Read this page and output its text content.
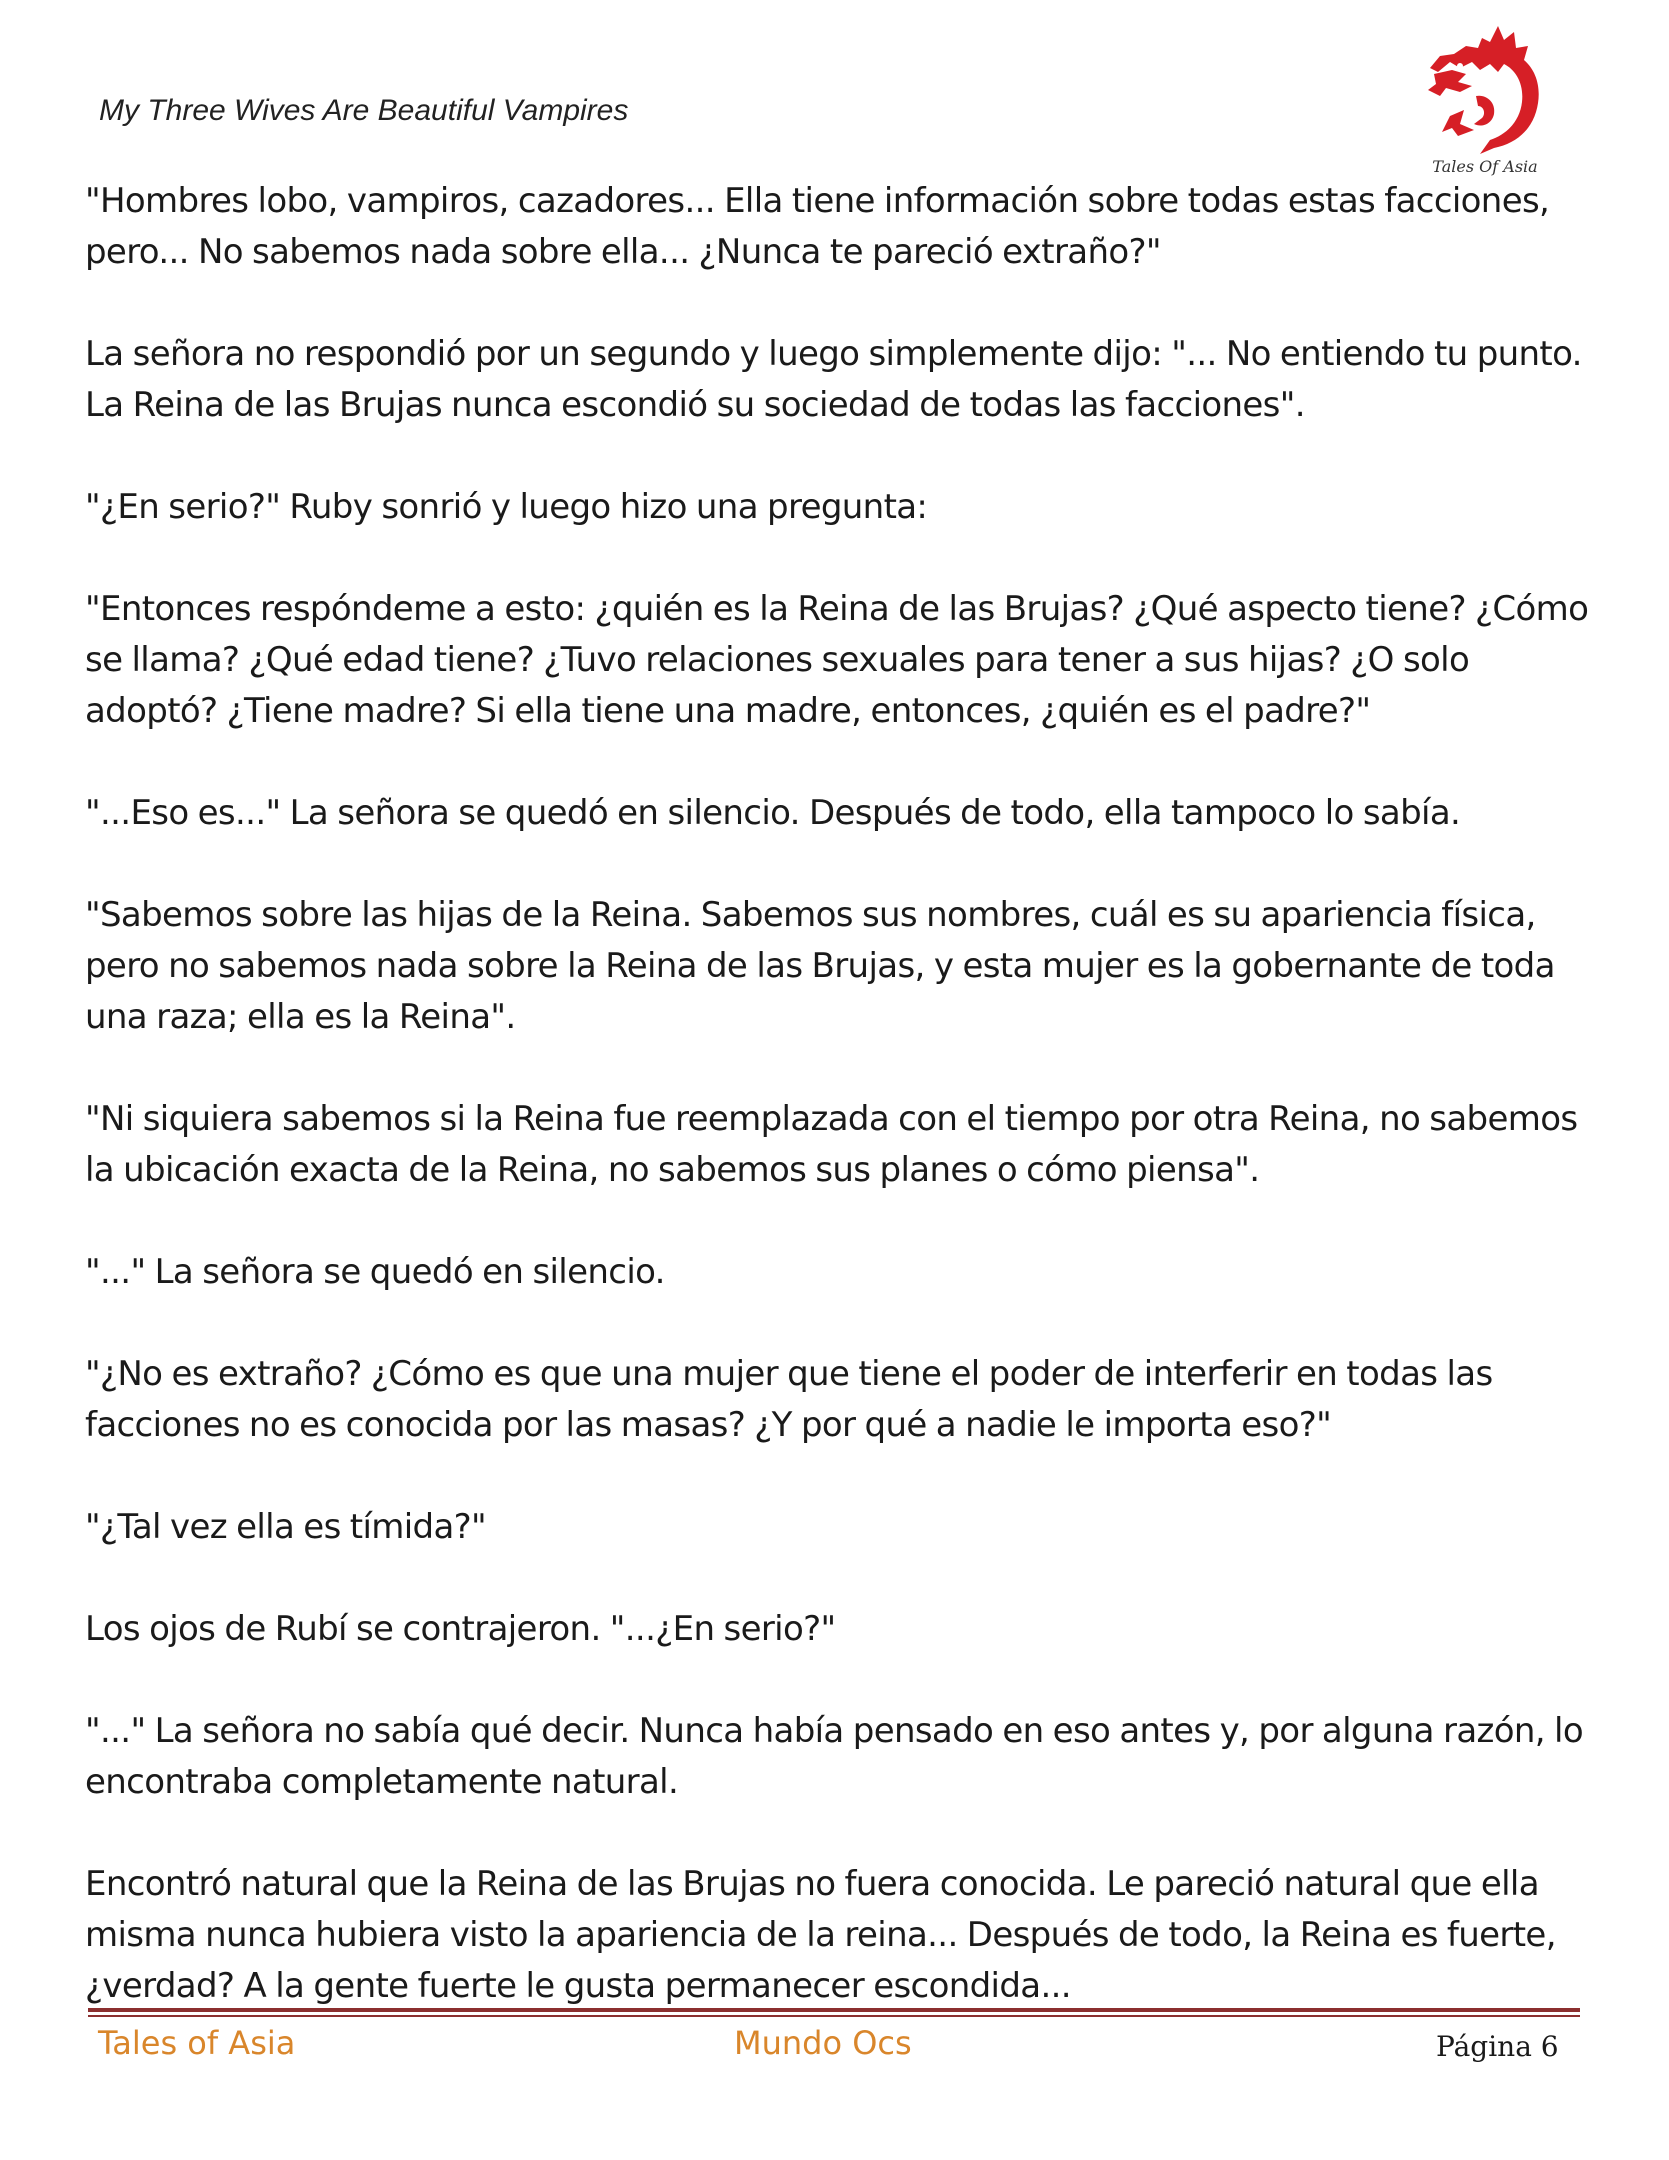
My Three Wives Are Beautiful Vampires
Tales Of Asia

"Hombres lobo, vampiros, cazadores... Ella tiene información sobre todas estas facciones, pero... No sabemos nada sobre ella... ¿Nunca te pareció extraño?"

La señora no respondió por un segundo y luego simplemente dijo: "... No entiendo tu punto. La Reina de las Brujas nunca escondió su sociedad de todas las facciones".

"¿En serio?" Ruby sonrió y luego hizo una pregunta:

"Entonces respóndeme a esto: ¿quién es la Reina de las Brujas? ¿Qué aspecto tiene? ¿Cómo se llama? ¿Qué edad tiene? ¿Tuvo relaciones sexuales para tener a sus hijas? ¿O solo adoptó? ¿Tiene madre? Si ella tiene una madre, entonces, ¿quién es el padre?"

"...Eso es..." La señora se quedó en silencio. Después de todo, ella tampoco lo sabía.

"Sabemos sobre las hijas de la Reina. Sabemos sus nombres, cuál es su apariencia física, pero no sabemos nada sobre la Reina de las Brujas, y esta mujer es la gobernante de toda una raza; ella es la Reina".

"Ni siquiera sabemos si la Reina fue reemplazada con el tiempo por otra Reina, no sabemos la ubicación exacta de la Reina, no sabemos sus planes o cómo piensa".

"..." La señora se quedó en silencio.

"¿No es extraño? ¿Cómo es que una mujer que tiene el poder de interferir en todas las facciones no es conocida por las masas? ¿Y por qué a nadie le importa eso?"

"¿Tal vez ella es tímida?"

Los ojos de Rubí se contrajeron. "...¿En serio?"

"..." La señora no sabía qué decir. Nunca había pensado en eso antes y, por alguna razón, lo encontraba completamente natural.

Encontró natural que la Reina de las Brujas no fuera conocida. Le pareció natural que ella misma nunca hubiera visto la apariencia de la reina... Después de todo, la Reina es fuerte, ¿verdad? A la gente fuerte le gusta permanecer escondida...

Tales of Asia	Mundo Ocs	Página 6
